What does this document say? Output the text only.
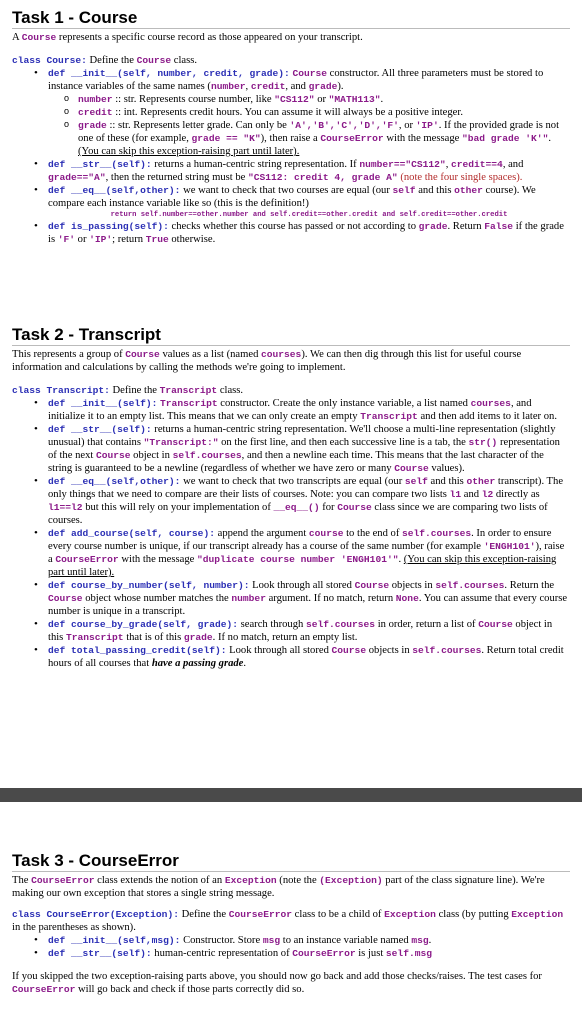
Task 1 - Course

A Course represents a specific course record as those appeared on your transcript.

class Course: Define the Course class.

• def __init__(self, number, credit, grade): Course constructor. All three parameters must be stored to instance variables of the same names (number, credit, and grade).
o number :: str. Represents course number, like "CS112" or "MATH113".
o credit :: int. Represents credit hours. You can assume it will always be a positive integer.
o grade :: str. Represents letter grade. Can only be 'A','B','C','D','F', or 'IP'. If the provided grade is not one of these (for example, grade == "K"), then raise a CourseError with the message "bad grade 'K'". (You can skip this exception-raising part until later).
• def __str__(self): returns a human-centric string representation. If number=="CS112", credit==4, and grade=="A", then the returned string must be "CS112: credit 4, grade A" (note the four single spaces).
• def __eq__(self,other): we want to check that two courses are equal (our self and this other course). We compare each instance variable like so (this is the definition!)
return self.number==other.number and self.credit==other.credit and self.credit==other.credit
• def is_passing(self): checks whether this course has passed or not according to grade. Return False if the grade is 'F' or 'IP'; return True otherwise.
Task 2 - Transcript

This represents a group of Course values as a list (named courses). We can then dig through this list for useful course information and calculations by calling the methods we're going to implement.

class Transcript: Define the Transcript class.

• def __init__(self): Transcript constructor. Create the only instance variable, a list named courses, and initialize it to an empty list. This means that we can only create an empty Transcript and then add items to it later on.
• def __str__(self): returns a human-centric string representation. We'll choose a multi-line representation (slightly unusual) that contains "Transcript:" on the first line, and then each successive line is a tab, the str() representation of the next Course object in self.courses, and then a newline each time. This means that the last character of the string is guaranteed to be a newline (regardless of whether we have zero or many Course values).
• def __eq__(self,other): we want to check that two transcripts are equal (our self and this other transcript). The only things that we need to compare are their lists of courses. Note: you can compare two lists l1 and l2 directly as l1==l2 but this will rely on your implementation of __eq__() for Course class since we are comparing two lists of courses.
• def add_course(self, course): append the argument course to the end of self.courses. In order to ensure every course number is unique, if our transcript already has a course of the same number (for example 'ENGH101'), raise a CourseError with the message "duplicate course number 'ENGH101'". (You can skip this exception-raising part until later).
• def course_by_number(self, number): Look through all stored Course objects in self.courses. Return the Course object whose number matches the number argument. If no match, return None. You can assume that every course number is unique in a transcript.
• def course_by_grade(self, grade): search through self.courses in order, return a list of Course object in this Transcript that is of this grade. If no match, return an empty list.
• def total_passing_credit(self): Look through all stored Course objects in self.courses. Return total credit hours of all courses that have a passing grade.
Task 3 - CourseError

The CourseError class extends the notion of an Exception (note the (Exception) part of the class signature line). We're making our own exception that stores a single string message.

class CourseError(Exception): Define the CourseError class to be a child of Exception class (by putting Exception in the parentheses as shown).

• def __init__(self,msg): Constructor. Store msg to an instance variable named msg.
• def __str__(self): human-centric representation of CourseError is just self.msg

If you skipped the two exception-raising parts above, you should now go back and add those checks/raises. The test cases for CourseError will go back and check if those parts correctly did so.
